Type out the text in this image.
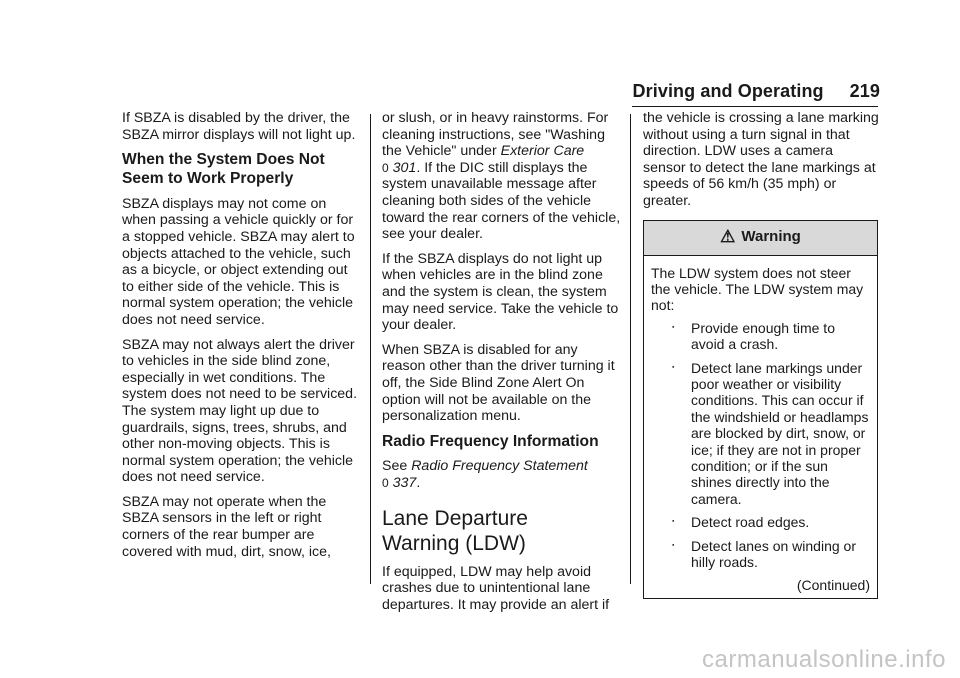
Driving and Operating 219

If SBZA is disabled by the driver, the SBZA mirror displays will not light up.

When the System Does Not Seem to Work Properly

SBZA displays may not come on when passing a vehicle quickly or for a stopped vehicle. SBZA may alert to objects attached to the vehicle, such as a bicycle, or object extending out to either side of the vehicle. This is normal system operation; the vehicle does not need service.

SBZA may not always alert the driver to vehicles in the side blind zone, especially in wet conditions. The system does not need to be serviced. The system may light up due to guardrails, signs, trees, shrubs, and other non-moving objects. This is normal system operation; the vehicle does not need service.

SBZA may not operate when the SBZA sensors in the left or right corners of the rear bumper are covered with mud, dirt, snow, ice,

or slush, or in heavy rainstorms. For cleaning instructions, see "Washing the Vehicle" under Exterior Care
0 301. If the DIC still displays the system unavailable message after cleaning both sides of the vehicle toward the rear corners of the vehicle, see your dealer.

If the SBZA displays do not light up when vehicles are in the blind zone and the system is clean, the system may need service. Take the vehicle to your dealer.

When SBZA is disabled for any reason other than the driver turning it off, the Side Blind Zone Alert On option will not be available on the personalization menu.

Radio Frequency Information

See Radio Frequency Statement
0 337.

Lane Departure Warning (LDW)

If equipped, LDW may help avoid crashes due to unintentional lane departures. It may provide an alert if

the vehicle is crossing a lane marking without using a turn signal in that direction. LDW uses a camera sensor to detect the lane markings at speeds of 56 km/h (35 mph) or greater.

⚠ Warning

The LDW system does not steer the vehicle. The LDW system may not:

‧ Provide enough time to avoid a crash.
‧ Detect lane markings under poor weather or visibility conditions. This can occur if the windshield or headlamps are blocked by dirt, snow, or ice; if they are not in proper condition; or if the sun shines directly into the camera.
‧ Detect road edges.
‧ Detect lanes on winding or hilly roads.
(Continued)
carmanualsonline.info
